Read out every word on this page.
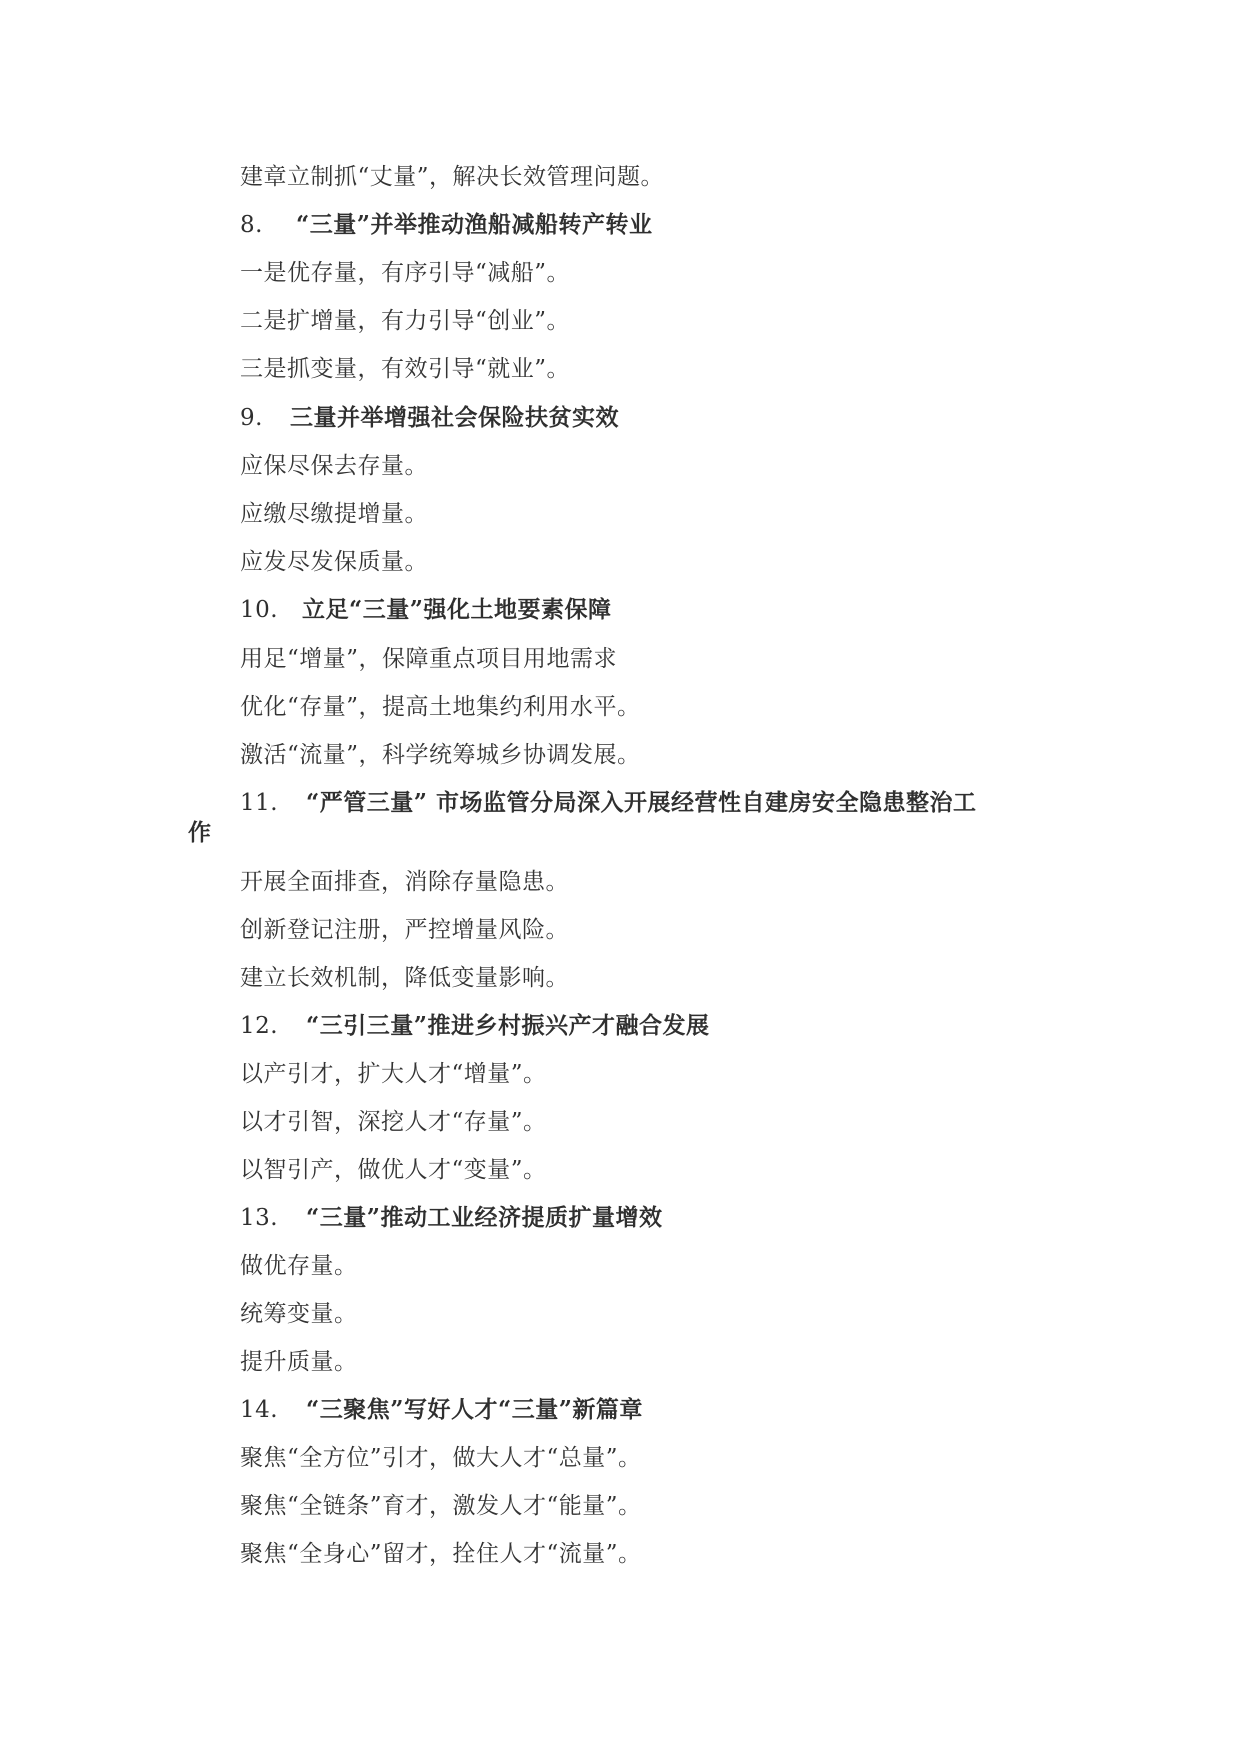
建章立制抓“丈量”，解决长效管理问题。
8. “三量”并举推动渔船减船转产转业
一是优存量，有序引导“减船”。
二是扩增量，有力引导“创业”。
三是抓变量，有效引导“就业”。
9. 三量并举增强社会保险扶贫实效
应保尽保去存量。
应缴尽缴提增量。
应发尽发保质量。
10. 立足“三量”强化土地要素保障
用足“增量”，保障重点项目用地需求
优化“存量”，提高土地集约利用水平。
激活“流量”，科学统筹城乡协调发展。
11. “严管三量” 市场监管分局深入开展经营性自建房安全隐患整治工
作
开展全面排查，消除存量隐患。
创新登记注册，严控增量风险。
建立长效机制，降低变量影响。
12. “三引三量”推进乡村振兴产才融合发展
以产引才，扩大人才“增量”。
以才引智，深挖人才“存量”。
以智引产，做优人才“变量”。
13. “三量”推动工业经济提质扩量增效
做优存量。
统筹变量。
提升质量。
14. “三聚焦”写好人才“三量”新篇章
聚焦“全方位”引才，做大人才“总量”。
聚焦“全链条”育才，激发人才“能量”。
聚焦“全身心”留才，拴住人才“流量”。
